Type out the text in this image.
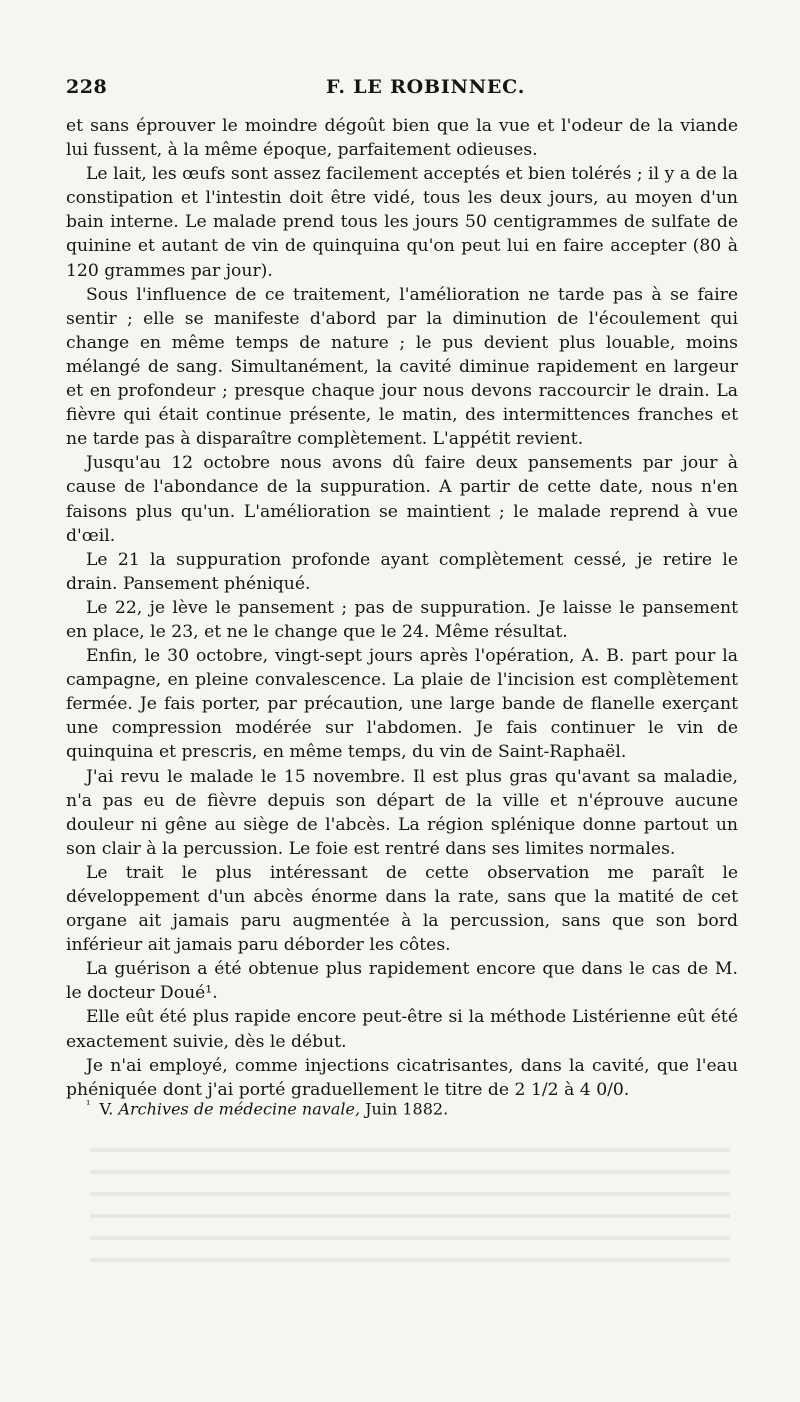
228	F. LE ROBINNEC.

et sans éprouver le moindre dégoût bien que la vue et l'odeur de la viande lui fussent, à la même époque, parfaitement odieuses.

Le lait, les œufs sont assez facilement acceptés et bien tolérés ; il y a de la constipation et l'intestin doit être vidé, tous les deux jours, au moyen d'un bain interne. Le malade prend tous les jours 50 centigrammes de sulfate de quinine et autant de vin de quinquina qu'on peut lui en faire accepter (80 à 120 grammes par jour).

Sous l'influence de ce traitement, l'amélioration ne tarde pas à se faire sentir ; elle se manifeste d'abord par la diminution de l'écoulement qui change en même temps de nature ; le pus devient plus louable, moins mélangé de sang. Simultanément, la cavité diminue rapidement en largeur et en profondeur ; presque chaque jour nous devons raccourcir le drain. La fièvre qui était continue présente, le matin, des intermittences franches et ne tarde pas à disparaître complètement. L'appétit revient.

Jusqu'au 12 octobre nous avons dû faire deux pansements par jour à cause de l'abondance de la suppuration. A partir de cette date, nous n'en faisons plus qu'un. L'amélioration se maintient ; le malade reprend à vue d'œil.

Le 21 la suppuration profonde ayant complètement cessé, je retire le drain. Pansement phéniqué.

Le 22, je lève le pansement ; pas de suppuration. Je laisse le pansement en place, le 23, et ne le change que le 24. Même résultat.

Enfin, le 30 octobre, vingt-sept jours après l'opération, A. B. part pour la campagne, en pleine convalescence. La plaie de l'incision est complètement fermée. Je fais porter, par précaution, une large bande de flanelle exerçant une compression modérée sur l'abdomen. Je fais continuer le vin de quinquina et prescris, en même temps, du vin de Saint-Raphaël.

J'ai revu le malade le 15 novembre. Il est plus gras qu'avant sa maladie, n'a pas eu de fièvre depuis son départ de la ville et n'éprouve aucune douleur ni gêne au siège de l'abcès. La région splénique donne partout un son clair à la percussion. Le foie est rentré dans ses limites normales.

Le trait le plus intéressant de cette observation me paraît le développement d'un abcès énorme dans la rate, sans que la matité de cet organe ait jamais paru augmentée à la percussion, sans que son bord inférieur ait jamais paru déborder les côtes.

La guérison a été obtenue plus rapidement encore que dans le cas de M. le docteur Doué¹.

Elle eût été plus rapide encore peut-être si la méthode Listérienne eût été exactement suivie, dès le début.

Je n'ai employé, comme injections cicatrisantes, dans la cavité, que l'eau phéniquée dont j'ai porté graduellement le titre de 2 1/2 à 4 0/0.

$^{^1}$ V. Archives de médecine navale, Juin 1882.
